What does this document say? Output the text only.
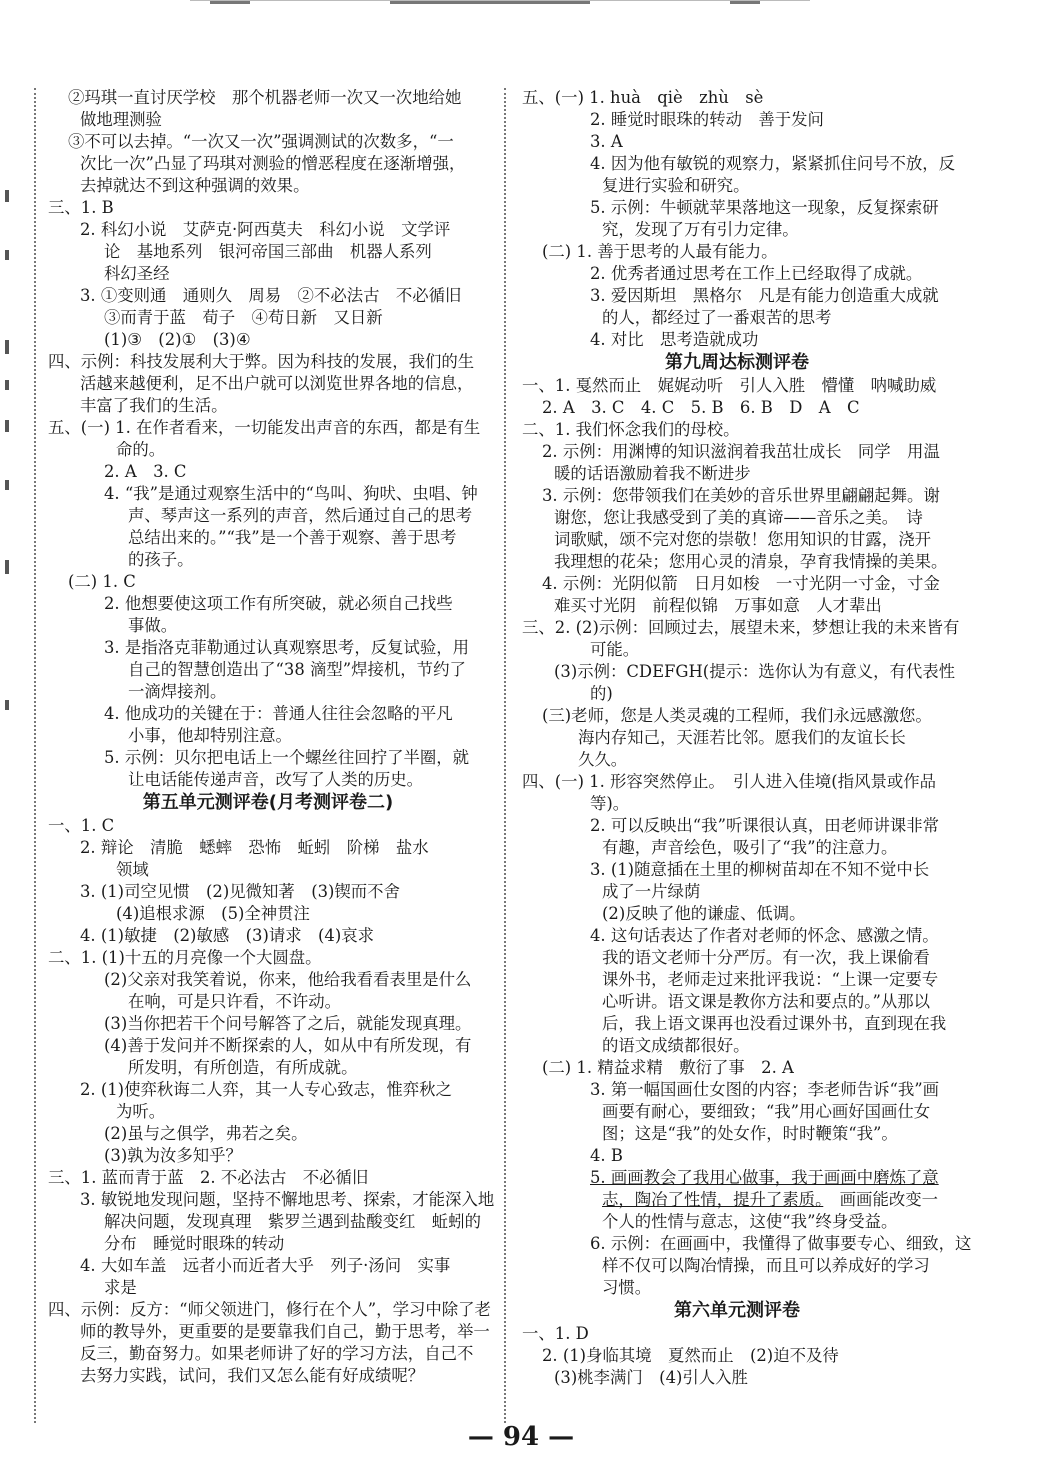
②玛琪一直讨厌学校　那个机器老师一次又一次地给她
做地理测验
③不可以去掉。“一次又一次”强调测试的次数多，“一
次比一次”凸显了玛琪对测验的憎恶程度在逐渐增强，
去掉就达不到这种强调的效果。
三、1. B
2. 科幻小说　艾萨克·阿西莫夫　科幻小说　文学评
论　基地系列　银河帝国三部曲　机器人系列
科幻圣经
3. ①变则通　通则久　周易　②不必法古　不必循旧
③而青于蓝　荀子　④苟日新　又日新
(1)③　(2)①　(3)④
四、示例：科技发展利大于弊。因为科技的发展，我们的生
活越来越便利，足不出户就可以浏览世界各地的信息，
丰富了我们的生活。
五、(一) 1. 在作者看来，一切能发出声音的东西，都是有生
命的。
2. A　3. C
4. “我”是通过观察生活中的“鸟叫、狗吠、虫唱、钟
声、琴声这一系列的声音，然后通过自己的思考
总结出来的。”“我”是一个善于观察、善于思考
的孩子。
(二) 1. C
2. 他想要使这项工作有所突破，就必须自己找些
事做。
3. 是指洛克菲勒通过认真观察思考，反复试验，用
自己的智慧创造出了“38 滴型”焊接机，节约了
一滴焊接剂。
4. 他成功的关键在于：普通人往往会忽略的平凡
小事，他却特别注意。
5. 示例：贝尔把电话上一个螺丝往回拧了半圈，就
让电话能传递声音，改写了人类的历史。
第五单元测评卷(月考测评卷二)
一、1. C
2. 辩论　清脆　蟋蟀　恐怖　蚯蚓　阶梯　盐水
领域
3. (1)司空见惯　(2)见微知著　(3)锲而不舍
(4)追根求源　(5)全神贯注
4. (1)敏捷　(2)敏感　(3)请求　(4)哀求
二、1. (1)十五的月亮像一个大圆盘。
(2)父亲对我笑着说，你来，他给我看看表里是什么
在响，可是只许看，不许动。
(3)当你把若干个问号解答了之后，就能发现真理。
(4)善于发问并不断探索的人，如从中有所发现，有
所发明，有所创造，有所成就。
2. (1)使弈秋诲二人弈，其一人专心致志，惟弈秋之
为听。
(2)虽与之俱学，弗若之矣。
(3)孰为汝多知乎？
三、1. 蓝而青于蓝　2. 不必法古　不必循旧
3. 敏锐地发现问题，坚持不懈地思考、探索，才能深入地
解决问题，发现真理　紫罗兰遇到盐酸变红　蚯蚓的
分布　睡觉时眼珠的转动
4. 大如车盖　远者小而近者大乎　列子·汤问　实事
求是
四、示例：反方：“师父领进门，修行在个人”，学习中除了老
师的教导外，更重要的是要靠我们自己，勤于思考，举一
反三，勤奋努力。如果老师讲了好的学习方法，自己不
去努力实践，试问，我们又怎么能有好成绩呢？
五、(一) 1. huà　qiè　zhù　sè
2. 睡觉时眼珠的转动　善于发问
3. A
4. 因为他有敏锐的观察力，紧紧抓住问号不放，反
复进行实验和研究。
5. 示例：牛顿就苹果落地这一现象，反复探索研
究，发现了万有引力定律。
(二) 1. 善于思考的人最有能力。
2. 优秀者通过思考在工作上已经取得了成就。
3. 爱因斯坦　黑格尔　凡是有能力创造重大成就
的人，都经过了一番艰苦的思考
4. 对比　思考造就成功
第九周达标测评卷
一、1. 戛然而止　娓娓动听　引人入胜　懵懂　呐喊助威
2. A　3. C　4. C　5. B　6. B　D　A　C
二、1. 我们怀念我们的母校。
2. 示例：用渊博的知识滋润着我茁壮成长　同学　用温
暖的话语激励着我不断进步
3. 示例：您带领我们在美妙的音乐世界里翩翩起舞。谢
谢您，您让我感受到了美的真谛——音乐之美。　诗
词歌赋，颂不完对您的崇敬！您用知识的甘露，浇开
我理想的花朵；您用心灵的清泉，孕育我情操的美果。
4. 示例：光阴似箭　日月如梭　一寸光阴一寸金，寸金
难买寸光阴　前程似锦　万事如意　人才辈出
三、2. (2)示例：回顾过去，展望未来，梦想让我的未来皆有
可能。
(3)示例：CDEFGH(提示：选你认为有意义，有代表性
的)
(三)老师，您是人类灵魂的工程师，我们永远感激您。
海内存知己，天涯若比邻。愿我们的友谊长长
久久。
四、(一) 1. 形容突然停止。　引人进入佳境(指风景或作品
等)。
2. 可以反映出“我”听课很认真，田老师讲课非常
有趣，声音绘色，吸引了“我”的注意力。
3. (1)随意插在土里的柳树苗却在不知不觉中长
成了一片绿荫
(2)反映了他的谦虚、低调。
4. 这句话表达了作者对老师的怀念、感激之情。
我的语文老师十分严厉。有一次，我上课偷看
课外书，老师走过来批评我说：“上课一定要专
心听讲。语文课是教你方法和要点的。”从那以
后，我上语文课再也没看过课外书，直到现在我
的语文成绩都很好。
(二) 1. 精益求精　敷衍了事　2. A
3. 第一幅国画仕女图的内容；李老师告诉“我”画
画要有耐心，要细致；“我”用心画好国画仕女
图；这是“我”的处女作，时时鞭策“我”。
4. B
5. 画画教会了我用心做事，我于画画中磨炼了意
志，陶冶了性情，提升了素质。　画画能改变一
个人的性情与意志，这使“我”终身受益。
6. 示例：在画画中，我懂得了做事要专心、细致，这
样不仅可以陶冶情操，而且可以养成好的学习
习惯。
第六单元测评卷
一、1. D
2. (1)身临其境　夏然而止　(2)迫不及待
(3)桃李满门　(4)引人入胜
— 94 —
